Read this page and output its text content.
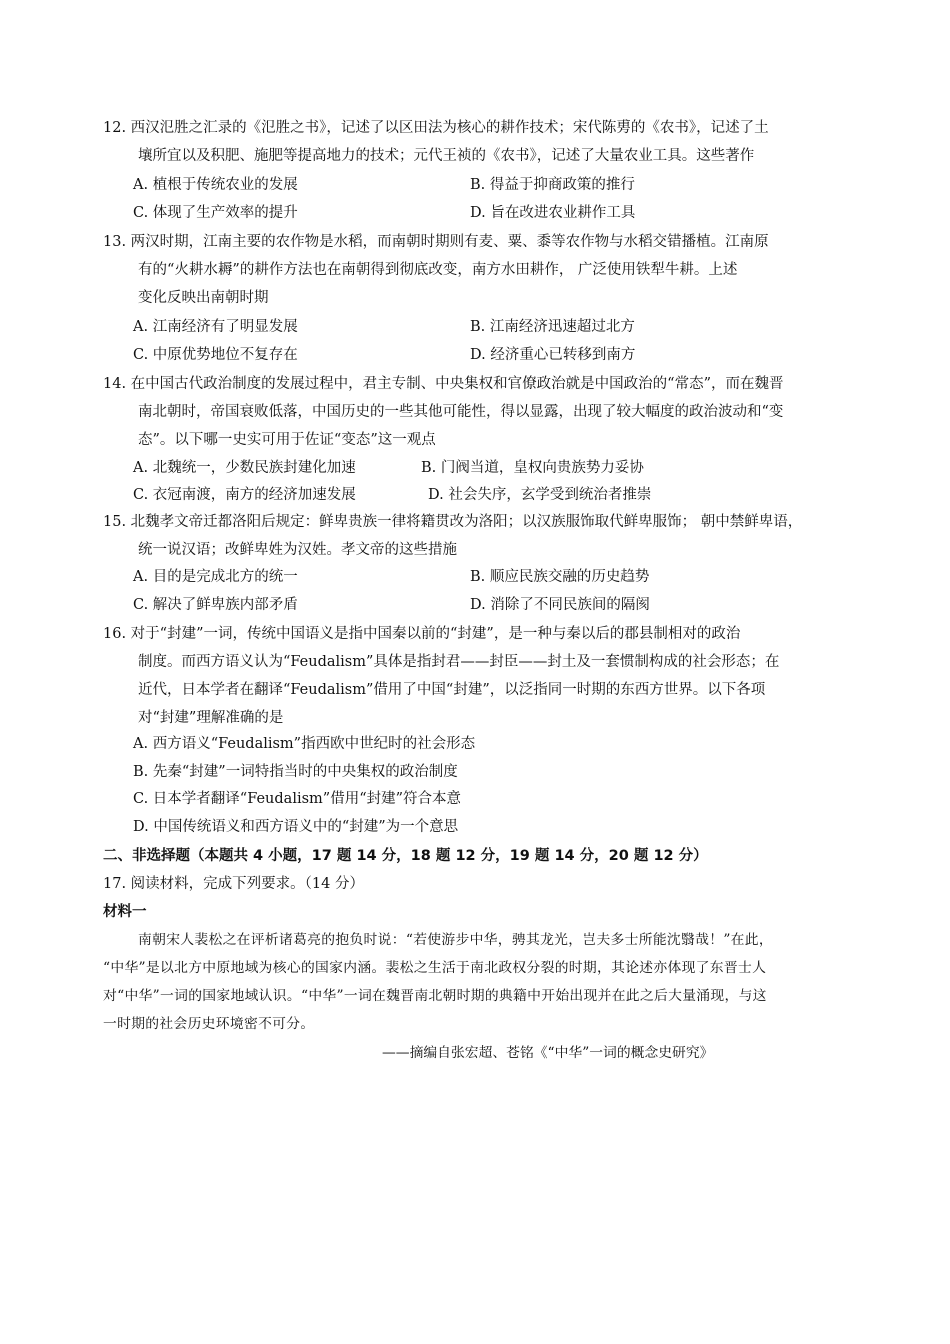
12. 西汉氾胜之汇录的《氾胜之书》，记述了以区田法为核心的耕作技术；宋代陈旉的《农书》，记述了土
壤所宜以及积肥、施肥等提高地力的技术；元代王祯的《农书》，记述了大量农业工具。这些著作
A. 植根于传统农业的发展	B. 得益于抑商政策的推行
C. 体现了生产效率的提升	D. 旨在改进农业耕作工具
13. 两汉时期，江南主要的农作物是水稻，而南朝时期则有麦、粟、黍等农作物与水稻交错播植。江南原
有的“火耕水耨”的耕作方法也在南朝得到彻底改变，南方水田耕作， 广泛使用铁犁牛耕。上述
变化反映出南朝时期
A. 江南经济有了明显发展	B. 江南经济迅速超过北方
C. 中原优势地位不复存在	D. 经济重心已转移到南方
14. 在中国古代政治制度的发展过程中，君主专制、中央集权和官僚政治就是中国政治的“常态”，而在魏晋
南北朝时，帝国衰败低落，中国历史的一些其他可能性，得以显露，出现了较大幅度的政治波动和“变
态”。以下哪一史实可用于佐证“变态”这一观点
A. 北魏统一，少数民族封建化加速	B. 门阀当道，皇权向贵族势力妥协
C. 衣冠南渡，南方的经济加速发展	D. 社会失序，玄学受到统治者推崇
15. 北魏孝文帝迁都洛阳后规定：鲜卑贵族一律将籍贯改为洛阳；以汉族服饰取代鲜卑服饰； 朝中禁鲜卑语，
统一说汉语；改鲜卑姓为汉姓。孝文帝的这些措施
A. 目的是完成北方的统一	B. 顺应民族交融的历史趋势
C. 解决了鲜卑族内部矛盾	D. 消除了不同民族间的隔阂
16. 对于“封建”一词，传统中国语义是指中国秦以前的“封建”，是一种与秦以后的郡县制相对的政治
制度。而西方语义认为“Feudalism”具体是指封君——封臣——封土及一套惯制构成的社会形态；在
近代，日本学者在翻译“Feudalism”借用了中国“封建”，以泛指同一时期的东西方世界。以下各项
对“封建”理解准确的是
A. 西方语义“Feudalism”指西欧中世纪时的社会形态
B. 先秦“封建”一词特指当时的中央集权的政治制度
C. 日本学者翻译“Feudalism”借用“封建”符合本意
D. 中国传统语义和西方语义中的“封建”为一个意思
二、非选择题（本题共 4 小题，17 题 14 分，18 题 12 分，19 题 14 分，20 题 12 分）
17. 阅读材料，完成下列要求。（14 分）
材料一
南朝宋人裴松之在评析诸葛亮的抱负时说：“若使游步中华，骋其龙光，岂夫多士所能沈翳哉！”在此，
“中华”是以北方中原地域为核心的国家内涵。裴松之生活于南北政权分裂的时期，其论述亦体现了东晋士人
对“中华”一词的国家地域认识。“中华”一词在魏晋南北朝时期的典籍中开始出现并在此之后大量涌现，与这
一时期的社会历史环境密不可分。
——摘编自张宏超、苍铭《“中华”一词的概念史研究》
